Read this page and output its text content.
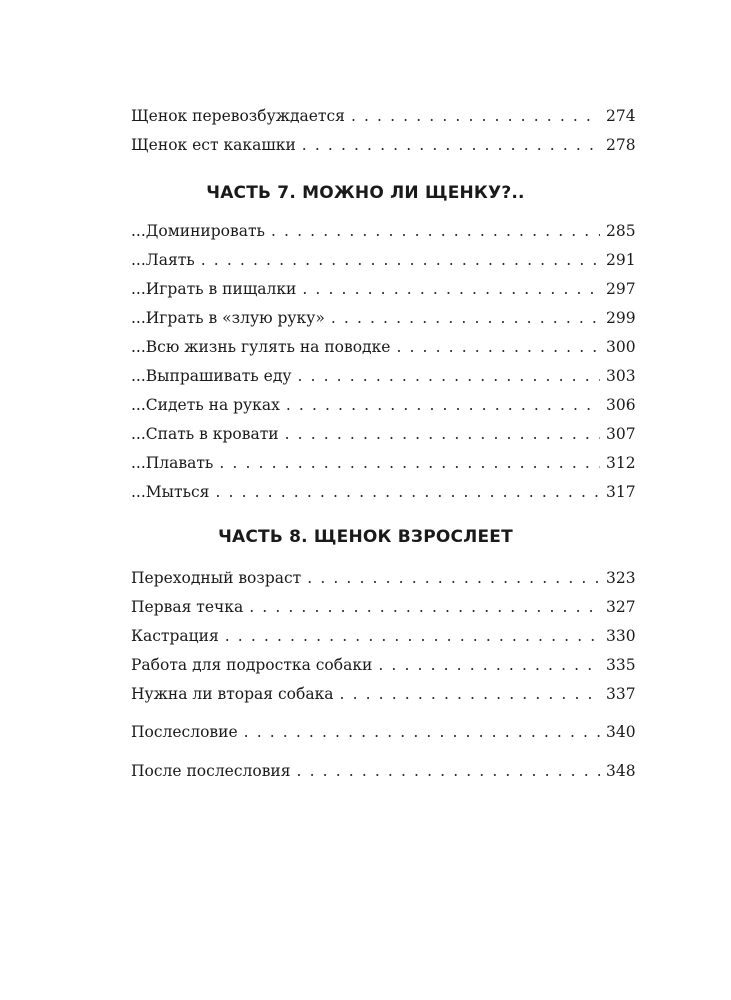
Щенок перевозбуждается . . .	274
Щенок ест какашки . . .	278
ЧАСТЬ 7. МОЖНО ЛИ ЩЕНКУ?..
...Доминировать . . .	285
...Лаять . . .	291
...Играть в пищалки . . .	297
...Играть в «злую руку» . . .	299
...Всю жизнь гулять на поводке . . .	300
...Выпрашивать еду . . .	303
...Сидеть на руках . . .	306
...Спать в кровати . . .	307
...Плавать . . .	312
...Мыться . . .	317
ЧАСТЬ 8. ЩЕНОК ВЗРОСЛЕЕТ
Переходный возраст . . .	323
Первая течка . . .	327
Кастрация . . .	330
Работа для подростка собаки . . .	335
Нужна ли вторая собака . . .	337
Послесловие . . .	340
После послесловия . . .	348
